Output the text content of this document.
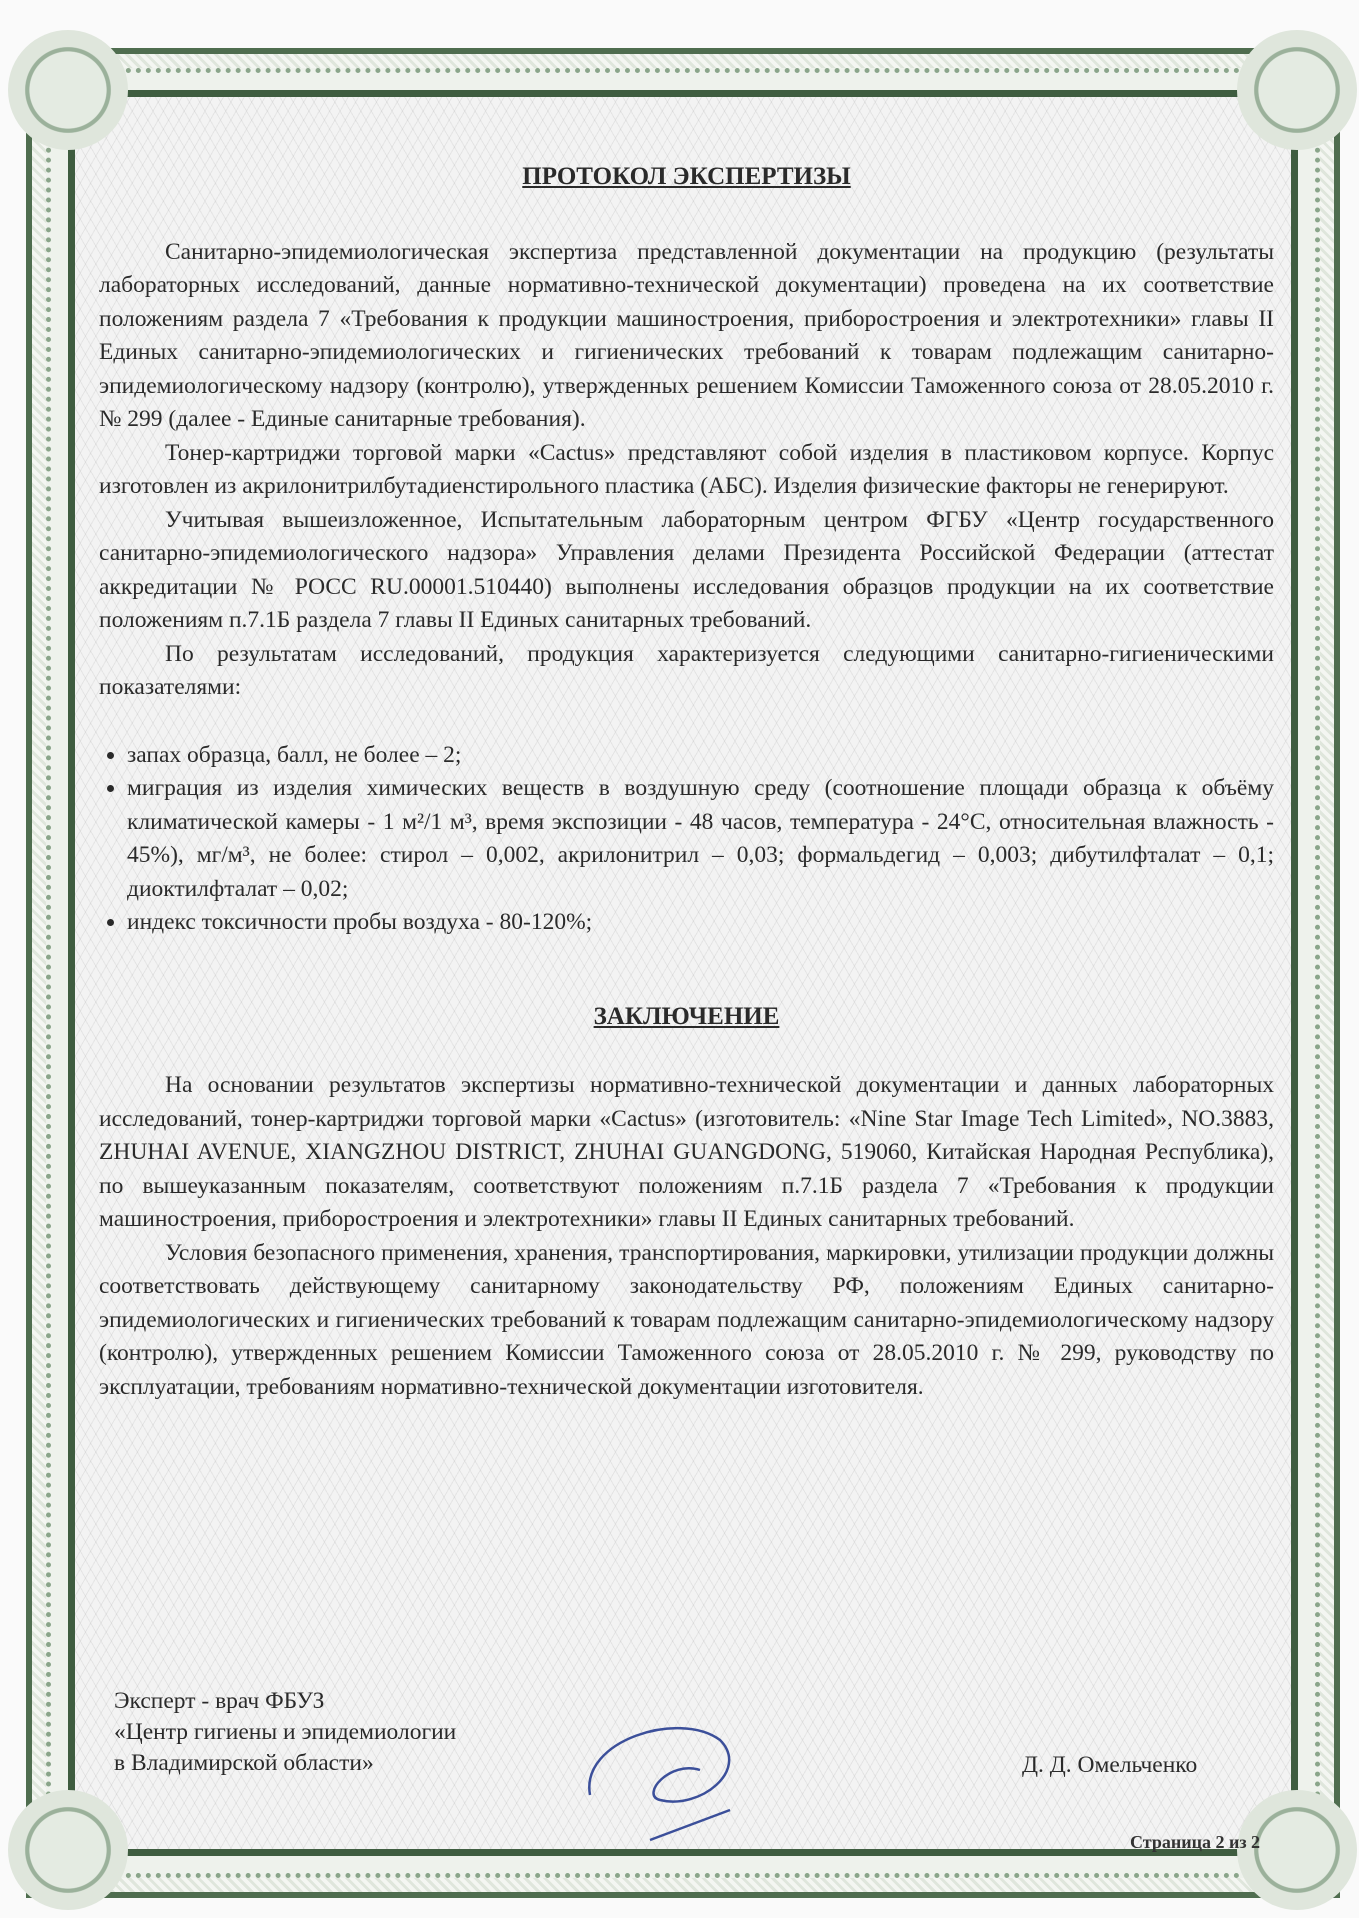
ПРОТОКОЛ ЭКСПЕРТИЗЫ

Санитарно-эпидемиологическая экспертиза представленной документации на продукцию (результаты лабораторных исследований, данные нормативно-технической документации) проведена на их соответствие положениям раздела 7 «Требования к продукции машиностроения, приборостроения и электротехники» главы II Единых санитарно-эпидемиологических и гигиенических требований к товарам подлежащим санитарно-эпидемиологическому надзору (контролю), утвержденных решением Комиссии Таможенного союза от 28.05.2010 г. № 299 (далее - Единые санитарные требования).

Тонер-картриджи торговой марки «Cactus» представляют собой изделия в пластиковом корпусе. Корпус изготовлен из акрилонитрилбутадиенстирольного пластика (АБС). Изделия физические факторы не генерируют.

Учитывая вышеизложенное, Испытательным лабораторным центром ФГБУ «Центр государственного санитарно-эпидемиологического надзора» Управления делами Президента Российской Федерации (аттестат аккредитации № РОСС RU.00001.510440) выполнены исследования образцов продукции на их соответствие положениям п.7.1Б раздела 7 главы II Единых санитарных требований.

По результатам исследований, продукция характеризуется следующими санитарно-гигиеническими показателями:

• запах образца, балл, не более – 2;
• миграция из изделия химических веществ в воздушную среду (соотношение площади образца к объёму климатической камеры - 1 м²/1 м³, время экспозиции - 48 часов, температура - 24°С, относительная влажность - 45%), мг/м³, не более: стирол – 0,002, акрилонитрил – 0,03; формальдегид – 0,003; дибутилфталат – 0,1; диоктилфталат – 0,02;
• индекс токсичности пробы воздуха - 80-120%;
ЗАКЛЮЧЕНИЕ

На основании результатов экспертизы нормативно-технической документации и данных лабораторных исследований, тонер-картриджи торговой марки «Cactus» (изготовитель: «Nine Star Image Tech Limited», NO.3883, ZHUHAI AVENUE, XIANGZHOU DISTRICT, ZHUHAI GUANGDONG, 519060, Китайская Народная Республика), по вышеуказанным показателям, соответствуют положениям п.7.1Б раздела 7 «Требования к продукции машиностроения, приборостроения и электротехники» главы II Единых санитарных требований.

Условия безопасного применения, хранения, транспортирования, маркировки, утилизации продукции должны соответствовать действующему санитарному законодательству РФ, положениям Единых санитарно-эпидемиологических и гигиенических требований к товарам подлежащим санитарно-эпидемиологическому надзору (контролю), утвержденных решением Комиссии Таможенного союза от 28.05.2010 г. № 299, руководству по эксплуатации, требованиям нормативно-технической документации изготовителя.

Эксперт - врач ФБУЗ
«Центр гигиены и эпидемиологии
в Владимирской области»	Д. Д. Омельченко
Страница 2 из 2
